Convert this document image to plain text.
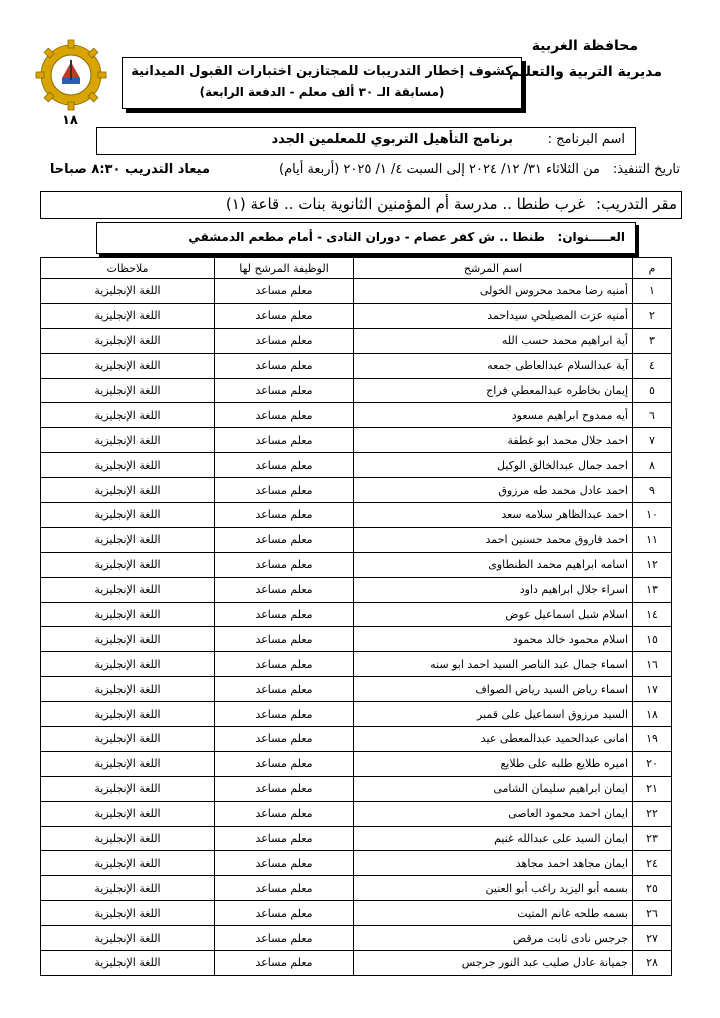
محافظة الغربية
مديرية التربية والتعليم
كشوف إخطار التدريبات للمجتازين اختبارات القبول الميدانية
(مسابقة الـ ٣٠ ألف معلم - الدفعة الرابعة)
١٨
اسم البرنامج :
برنامج التأهيل التربوي للمعلمين الجدد
تاريخ التنفيذ:
من الثلاثاء ٣١/ ١٢/ ٢٠٢٤ إلى السبت ٤/ ١/ ٢٠٢٥ (أربعة أيام)
ميعاد التدريب ٨:٣٠ صباحا
مقر التدريب:
غرب طنطا .. مدرسة أم المؤمنين الثانوية بنات .. قاعة (١)
العـــــنوان:
طنطا .. ش كفر عصام - دوران النادى - أمام مطعم الدمشقي
م	اسم المرشح	الوظيفة المرشح لها	ملاحظات
١	أمنيه رضا محمد محروس الخولى	معلم مساعد	اللغة الإنجليزية
٢	أمنيه عزت المصيلحي سيداحمد	معلم مساعد	اللغة الإنجليزية
٣	أية ابراهيم محمد حسب الله	معلم مساعد	اللغة الإنجليزية
٤	آية عبدالسلام عبدالعاطى جمعه	معلم مساعد	اللغة الإنجليزية
٥	إيمان بخاطره عبدالمعطي فراج	معلم مساعد	اللغة الإنجليزية
٦	أيه ممدوح ابراهيم مسعود	معلم مساعد	اللغة الإنجليزية
٧	احمد جلال محمد ابو غطفة	معلم مساعد	اللغة الإنجليزية
٨	احمد جمال عبدالخالق الوكيل	معلم مساعد	اللغة الإنجليزية
٩	احمد عادل محمد طه مرزوق	معلم مساعد	اللغة الإنجليزية
١٠	احمد عبدالظاهر سلامه سعد	معلم مساعد	اللغة الإنجليزية
١١	احمد فاروق محمد حسنين احمد	معلم مساعد	اللغة الإنجليزية
١٢	اسامه ابراهيم محمد الطنطاوى	معلم مساعد	اللغة الإنجليزية
١٣	اسراء جلال ابراهيم داود	معلم مساعد	اللغة الإنجليزية
١٤	اسلام شبل اسماعيل عوض	معلم مساعد	اللغة الإنجليزية
١٥	اسلام محمود خالد محمود	معلم مساعد	اللغة الإنجليزية
١٦	اسماء جمال عبد الناصر السيد احمد ابو سنه	معلم مساعد	اللغة الإنجليزية
١٧	اسماء رياض السيد رياض الصواف	معلم مساعد	اللغة الإنجليزية
١٨	السيد مرزوق اسماعيل على قمبر	معلم مساعد	اللغة الإنجليزية
١٩	امانى عبدالحميد عبدالمعطى عيد	معلم مساعد	اللغة الإنجليزية
٢٠	اميره طلايع طلبه على طلايع	معلم مساعد	اللغة الإنجليزية
٢١	ايمان ابراهيم سليمان الشامى	معلم مساعد	اللغة الإنجليزية
٢٢	ايمان احمد محمود العاصى	معلم مساعد	اللغة الإنجليزية
٢٣	ايمان السيد على عبدالله غنيم	معلم مساعد	اللغة الإنجليزية
٢٤	ايمان مجاهد احمد مجاهد	معلم مساعد	اللغة الإنجليزية
٢٥	بسمه أبو اليزيد راغب أبو العنين	معلم مساعد	اللغة الإنجليزية
٢٦	بسمه طلحه غانم المتيت	معلم مساعد	اللغة الإنجليزية
٢٧	جرجس نادى ثابت مرقص	معلم مساعد	اللغة الإنجليزية
٢٨	جميانة عادل صليب عبد النور جرجس	معلم مساعد	اللغة الإنجليزية
